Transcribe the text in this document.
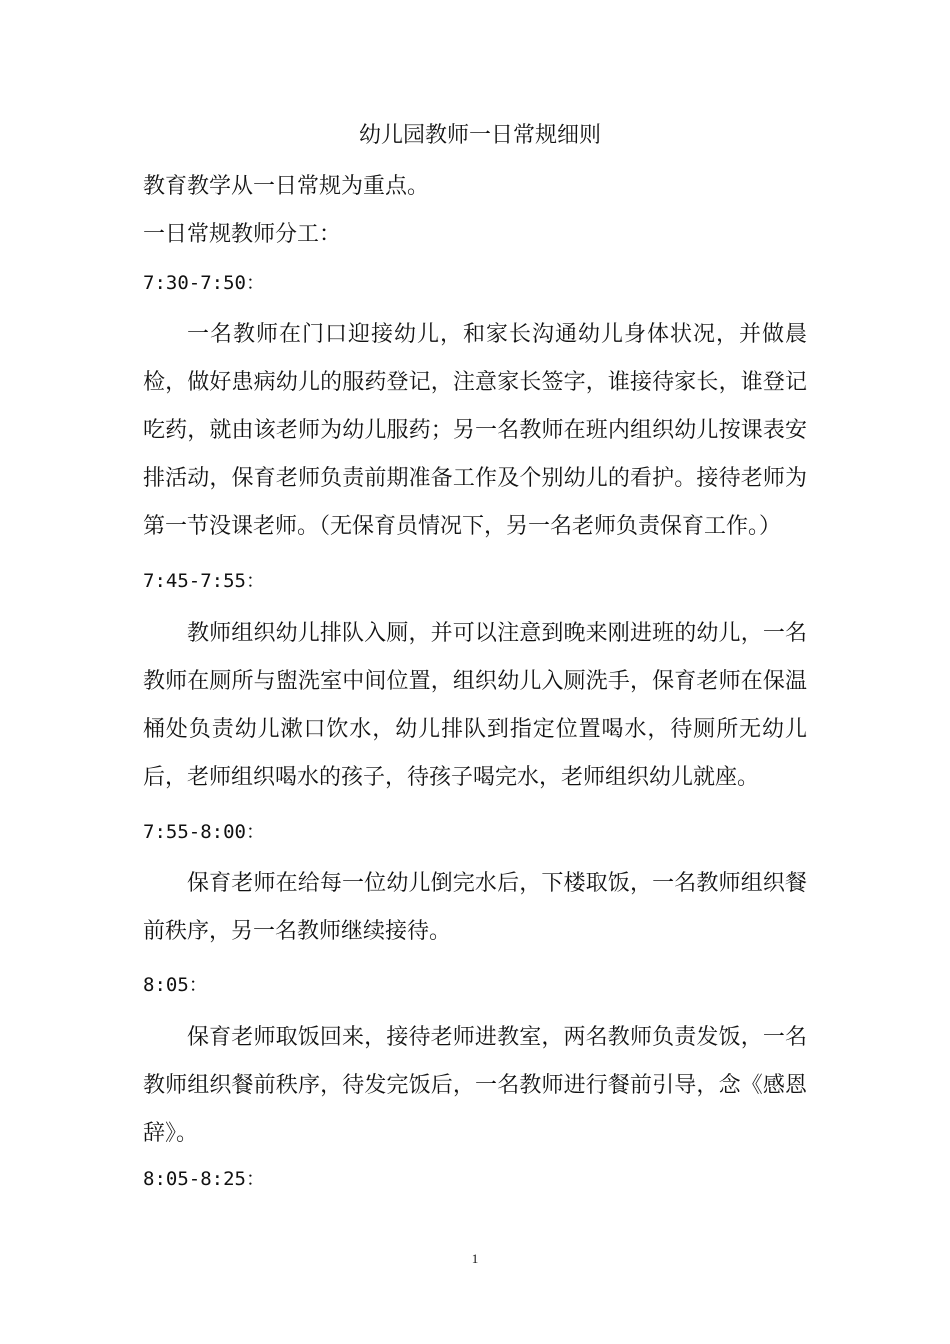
幼儿园教师一日常规细则
教育教学从一日常规为重点。
一日常规教师分工：
7:30-7:50：
一名教师在门口迎接幼儿，和家长沟通幼儿身体状况，并做晨检，做好患病幼儿的服药登记，注意家长签字，谁接待家长，谁登记吃药，就由该老师为幼儿服药；另一名教师在班内组织幼儿按课表安排活动，保育老师负责前期准备工作及个别幼儿的看护。接待老师为第一节没课老师。（无保育员情况下，另一名老师负责保育工作。）
7:45-7:55：
教师组织幼儿排队入厕，并可以注意到晚来刚进班的幼儿，一名教师在厕所与盥洗室中间位置，组织幼儿入厕洗手，保育老师在保温桶处负责幼儿漱口饮水，幼儿排队到指定位置喝水，待厕所无幼儿后，老师组织喝水的孩子，待孩子喝完水，老师组织幼儿就座。
7:55-8:00：
保育老师在给每一位幼儿倒完水后，下楼取饭，一名教师组织餐前秩序，另一名教师继续接待。
8:05：
保育老师取饭回来，接待老师进教室，两名教师负责发饭，一名教师组织餐前秩序，待发完饭后，一名教师进行餐前引导，念《感恩辞》。
8:05-8:25：
1
